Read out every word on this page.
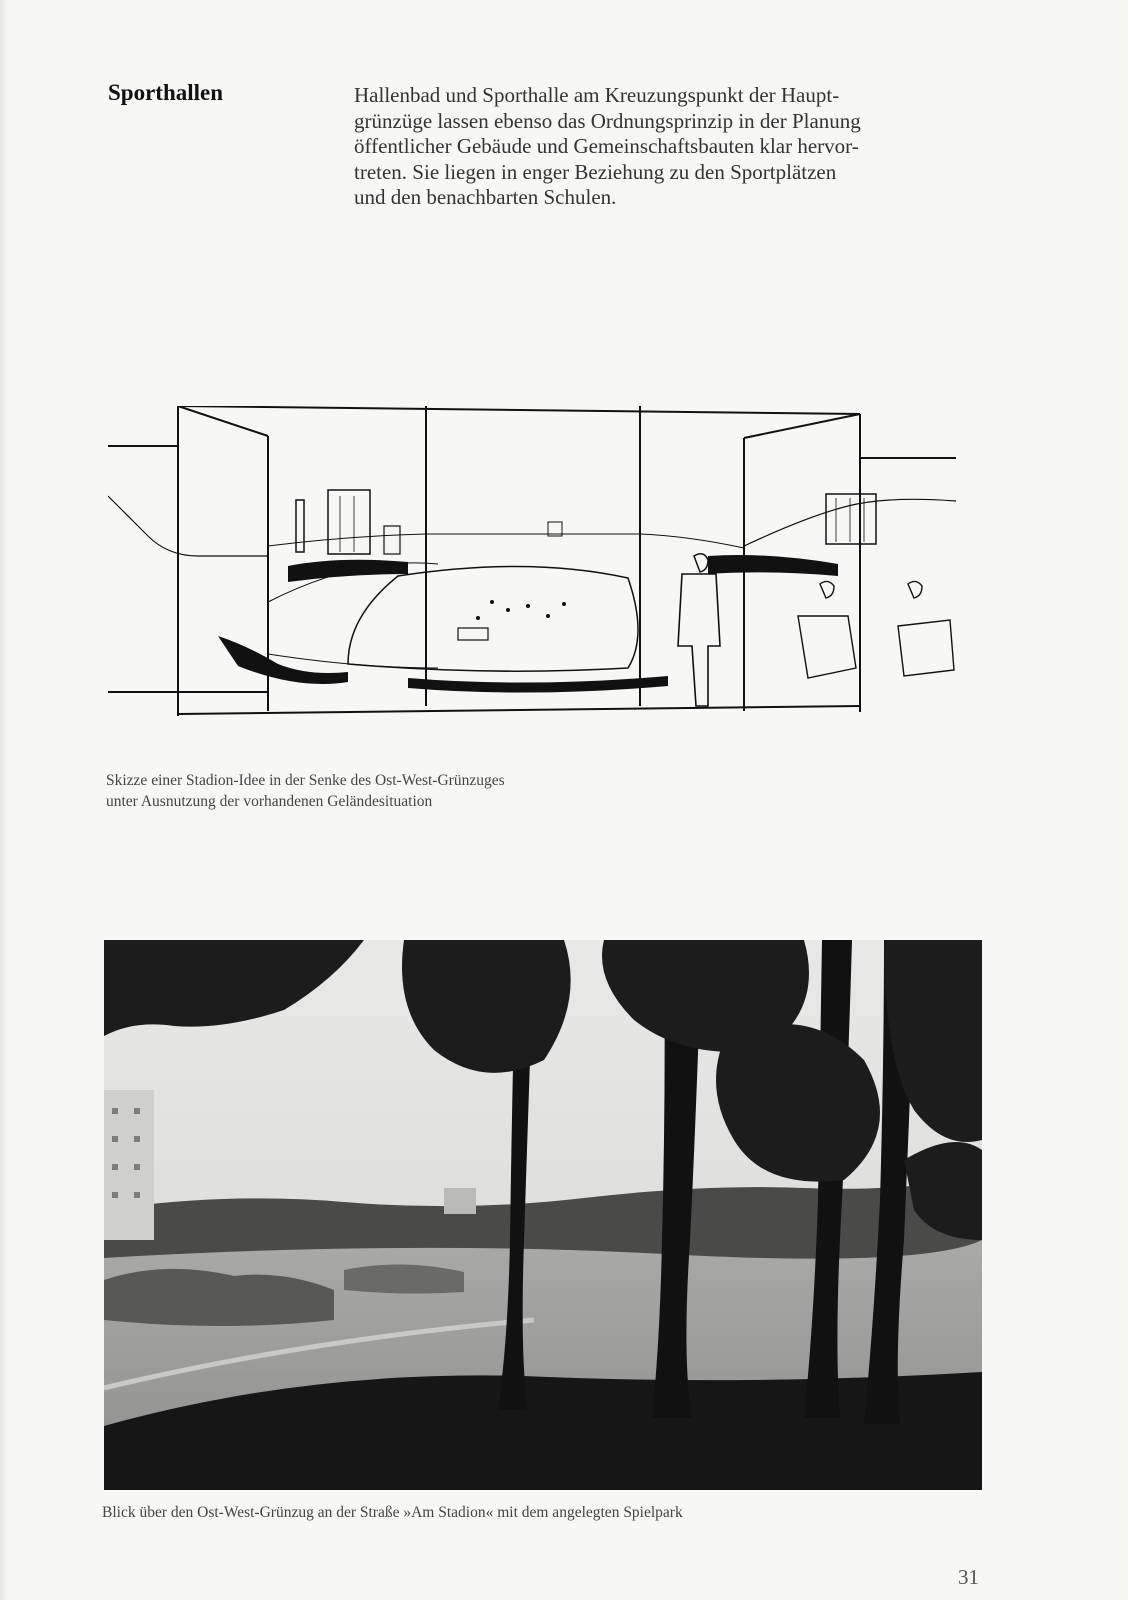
Sporthallen	Hallenbad und Sporthalle am Kreuzungspunkt der Haupt-
grünzüge lassen ebenso das Ordnungsprinzip in der Planung
öffentlicher Gebäude und Gemeinschaftsbauten klar hervor-
treten. Sie liegen in enger Beziehung zu den Sportplätzen
und den benachbarten Schulen.
Skizze einer Stadion-Idee in der Senke des Ost-West-Grünzuges
unter Ausnutzung der vorhandenen Geländesituation
Blick über den Ost-West-Grünzug an der Straße »Am Stadion« mit dem angelegten Spielpark
31
